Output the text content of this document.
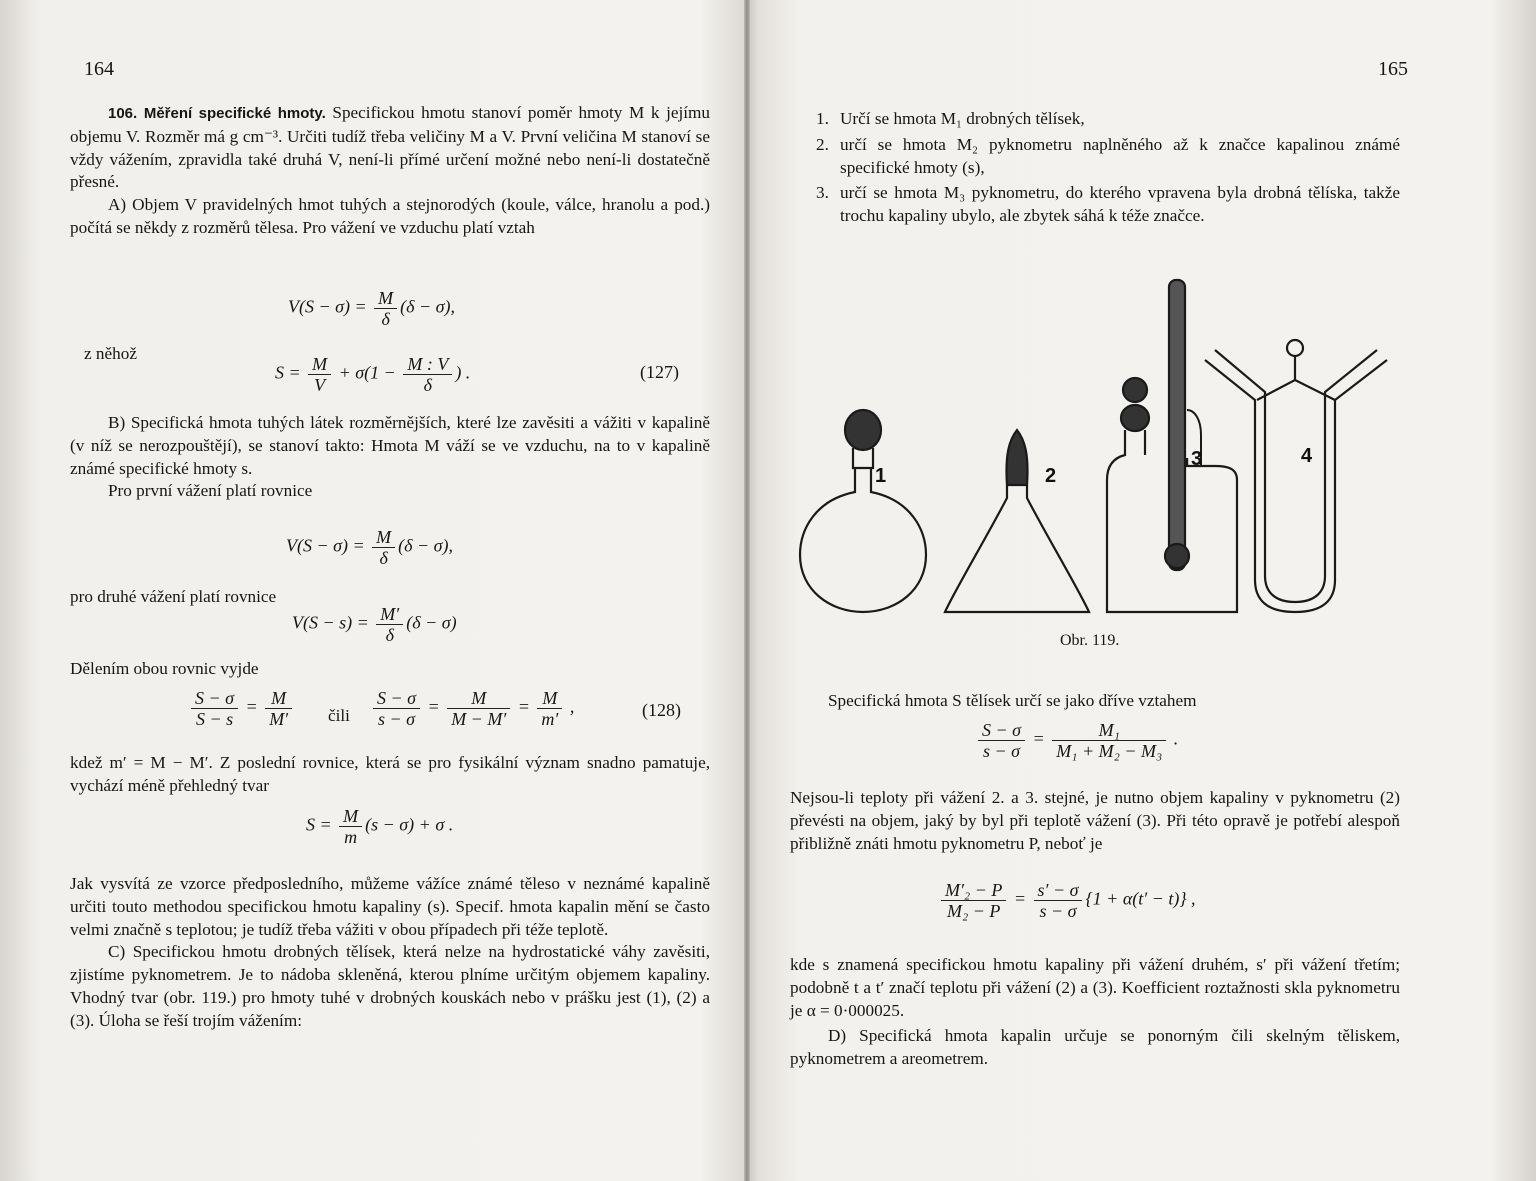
164

106. Měření specifické hmoty. Specifickou hmotu stanoví poměr hmoty M k jejímu objemu V. Rozměr má g cm⁻³. Určiti tudíž třeba veličiny M a V. První veličina M stanoví se vždy vážením, zpravidla také druhá V, není-li přímé určení možné nebo není-li dostatečně přesné.

A) Objem V pravidelných hmot tuhých a stejnorodých (koule, válce, hranolu a pod.) počítá se někdy z rozměrů tělesa. Pro vážení ve vzduchu platí vztah

$V(S - \sigma) = \frac{M}{\delta} (\delta - \sigma)$,
z něhož
$S = \frac{M}{V} + \sigma(1 - \frac{M : V}{\delta}$ ) .	(127)

B) Specifická hmota tuhých látek rozměrnějších, které lze zavěsiti a vážiti v kapalině (v níž se nerozpouštějí), se stanoví takto: Hmota M váží se ve vzduchu, na to v kapalině známé specifické hmoty s.

Pro první vážení platí rovnice

$V(S - \sigma) = \frac{M}{\delta} (\delta - \sigma)$,

pro druhé vážení platí rovnice

$V(S - s) = \frac{M'}{\delta} (\delta - \sigma)$

Dělením obou rovnic vyjde

$\frac{S - \sigma}{S - s} = \frac{M}{M'}$ čili $\frac{S - \sigma}{s - \sigma} = \frac{M}{M - M'} = \frac{M}{m'}$ ,	(128)

kdež m′ = M − M′. Z poslední rovnice, která se pro fysikální význam snadno pamatuje, vychází méně přehledný tvar

$S = \frac{M}{m} (s - \sigma) + \sigma$ .

Jak vysvítá ze vzorce předposledního, můžeme vážíce známé těleso v neznámé kapalině určiti touto methodou specifickou hmotu kapaliny (s). Specif. hmota kapalin mění se často velmi značně s teplotou; je tudíž třeba vážiti v obou případech při téže teplotě.

C) Specifickou hmotu drobných tělísek, která nelze na hydrostatické váhy zavěsiti, zjistíme pyknometrem. Je to nádoba skleněná, kterou plníme určitým objemem kapaliny. Vhodný tvar (obr. 119.) pro hmoty tuhé v drobných kouskách nebo v prášku jest (1), (2) a (3). Úloha se řeší trojím vážením:

165
1. Určí se hmota M₁ drobných tělísek,
2. určí se hmota M₂ pyknometru naplněného až k značce kapalinou známé specifické hmoty (s),
3. určí se hmota M₃ pyknometru, do kterého vpravena byla drobná tělíska, takže trochu kapaliny ubylo, ale zbytek sáhá k téže značce.

Specifická hmota S tělísek určí se jako dříve vztahem

$\frac{S - \sigma}{s - \sigma} = \frac{\text{M₁}}{\text{M₁ + M₂ − M₃}}$ .

Nejsou-li teploty při vážení 2. a 3. stejné, je nutno objem kapaliny v pyknometru (2) převésti na objem, jaký by byl při teplotě vážení (3). Při této opravě je potřebí alespoň přibližně znáti hmotu pyknometru P, neboť je

$\frac{\text{M′₂ − P}}{\text{M₂ − P}} = \frac{s' - \sigma}{s - \sigma} \{1 + \alpha(t' - t)\}$ ,

kde s znamená specifickou hmotu kapaliny při vážení druhém, s′ při vážení třetím; podobně t a t′ značí teplotu při vážení (2) a (3). Koefficient roztažnosti skla pyknometru je α = 0·000025.

D) Specifická hmota kapalin určuje se ponorným čili skelným těliskem, pyknometrem a areometrem.

1	2
3	4
Obr. 119.
